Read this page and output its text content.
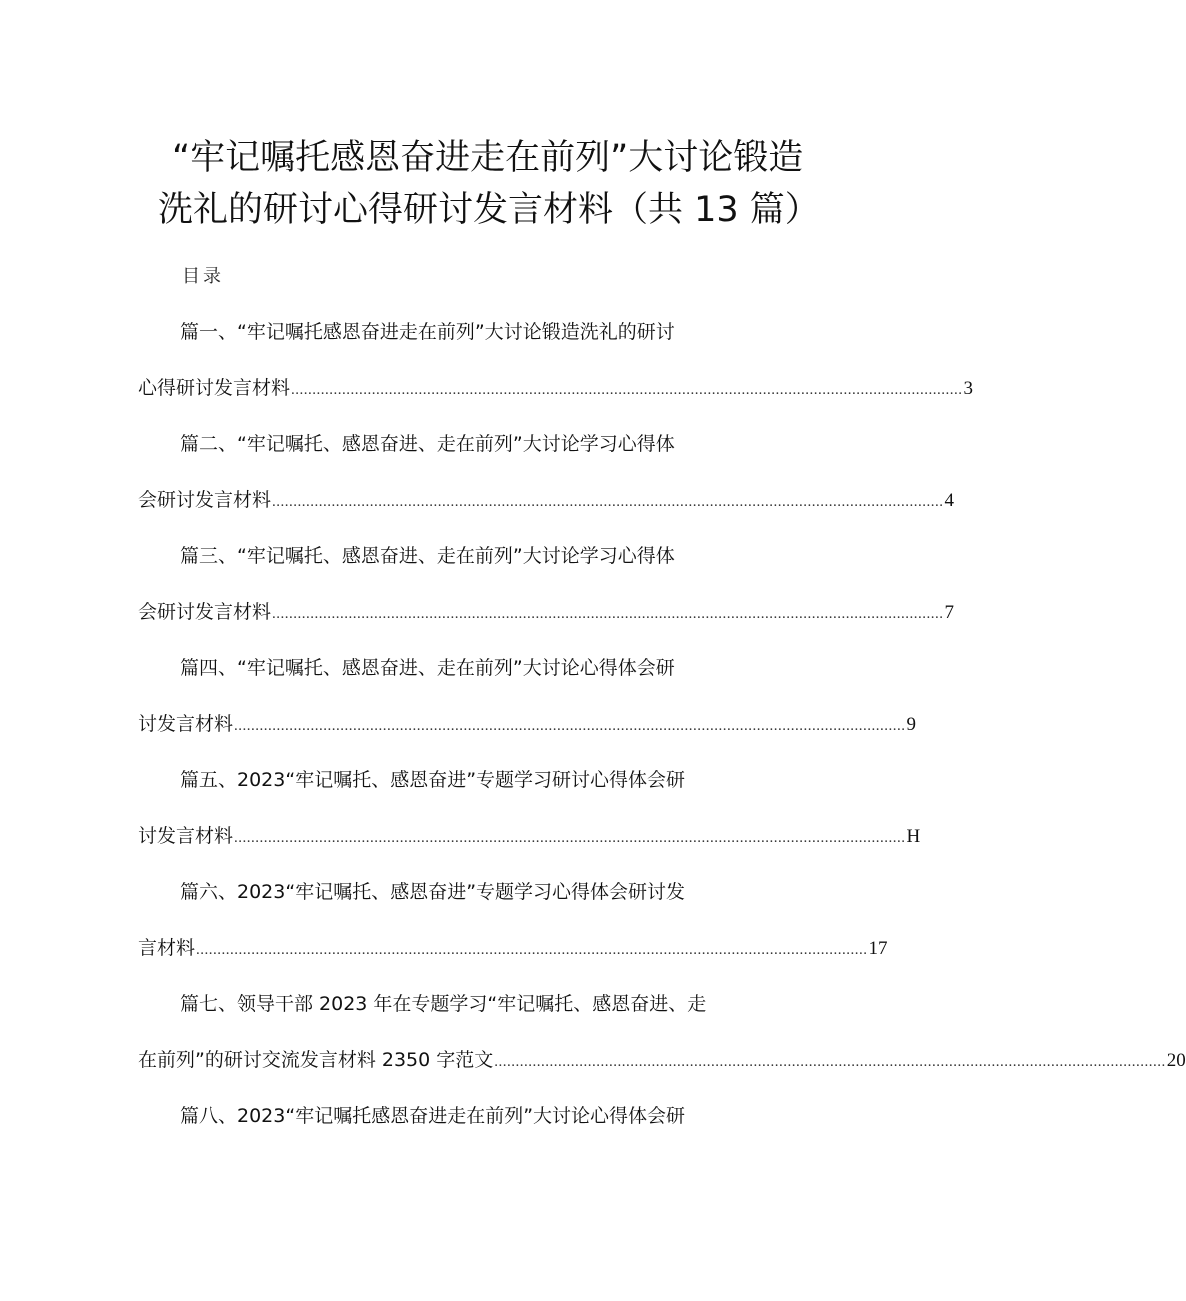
“牢记嘱托感恩奋进走在前列”大讨论锻造
洗礼的研讨心得研讨发言材料（共 13 篇）
目录
篇一、“牢记嘱托感恩奋进走在前列”大讨论锻造洗礼的研讨
心得研讨发言材料 .............................................................................................................................................................. 3
篇二、“牢记嘱托、感恩奋进、走在前列”大讨论学习心得体
会研讨发言材料 .............................................................................................................................................................. 4
篇三、“牢记嘱托、感恩奋进、走在前列”大讨论学习心得体
会研讨发言材料 .............................................................................................................................................................. 7
篇四、“牢记嘱托、感恩奋进、走在前列”大讨论心得体会研
讨发言材料 .............................................................................................................................................................. 9
篇五、2023“牢记嘱托、感恩奋进”专题学习研讨心得体会研
讨发言材料 .............................................................................................................................................................. H
篇六、2023“牢记嘱托、感恩奋进”专题学习心得体会研讨发
言材料 .............................................................................................................................................................. 17
篇七、领导干部 2023 年在专题学习“牢记嘱托、感恩奋进、走
在前列”的研讨交流发言材料 2350 字范文 .............................................................................................................................................................. 20
篇八、2023“牢记嘱托感恩奋进走在前列”大讨论心得体会研
